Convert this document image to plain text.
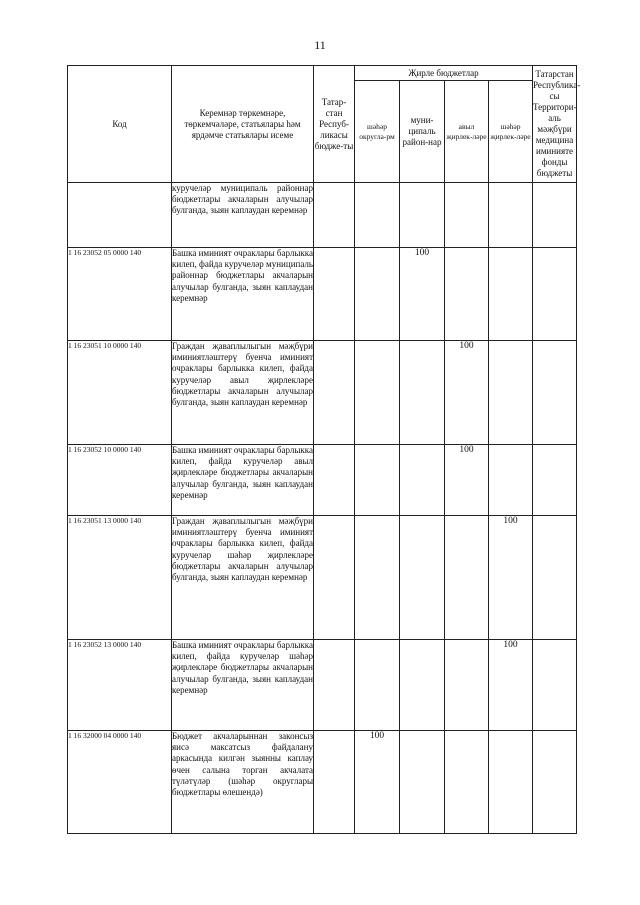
11
Код	Керемнәр төркемнәре, төркемчәләре, статьялары һәм ярдәмче статьялары исеме	Татар-стан Респуб-ликасы бюдже-ты	Җирле бюджетлар				Татарстан Республика-сы Территори-аль мәҗбүри медицина иминияте фонды бюджеты
			шәһәр округла-рм	муни-ципаль район-нар	авыл җирлек-ләре	шәһәр җирлек-ләре	
	куручеләр муниципаль районнар бюджетлары акчаларын алучылар булганда, зыян каплаудан керемнәр						
1 16 23052 05 0000 140	Башка иминият очраклары барлыкка килеп, файда куручеләр муниципаль районнар бюджетлары акчаларын алучылар булганда, зыян каплаудан керемнәр			100			
1 16 23051 10 0000 140	Граждан җаваплылыгын мәҗбүри иминиятләштерү буенча иминият очраклары барлыкка килеп, файда куручеләр авыл җирлекләре бюджетлары акчаларын алучылар булганда, зыян каплаудан керемнәр				100		
1 16 23052 10 0000 140	Башка иминият очраклары барлыкка килеп, файда куручеләр авыл җирлекләре бюджетлары акчаларын алучылар булганда, зыян каплаудан керемнәр				100		
1 16 23051 13 0000 140	Граждан җаваплылыгын мәҗбүри иминиятләштерү буенча иминият очраклары барлыкка килеп, файда куручеләр шәһәр җирлекләре бюджетлары акчаларын алучылар булганда, зыян каплаудан керемнәр					100	
1 16 23052 13 0000 140	Башка иминият очраклары барлыкка килеп, файда куручеләр шәһәр җирлекләре бюджетлары акчаларын алучылар булганда, зыян каплаудан керемнәр					100	
1 16 32000 04 0000 140	Бюджет акчаларыннан законсыз яисә максатсыз файдалану аркасында килгән зыянны каплау өчен салына торган акчалата түләтүләр (шәһәр округлары бюджетлары өлешендә)		100				
